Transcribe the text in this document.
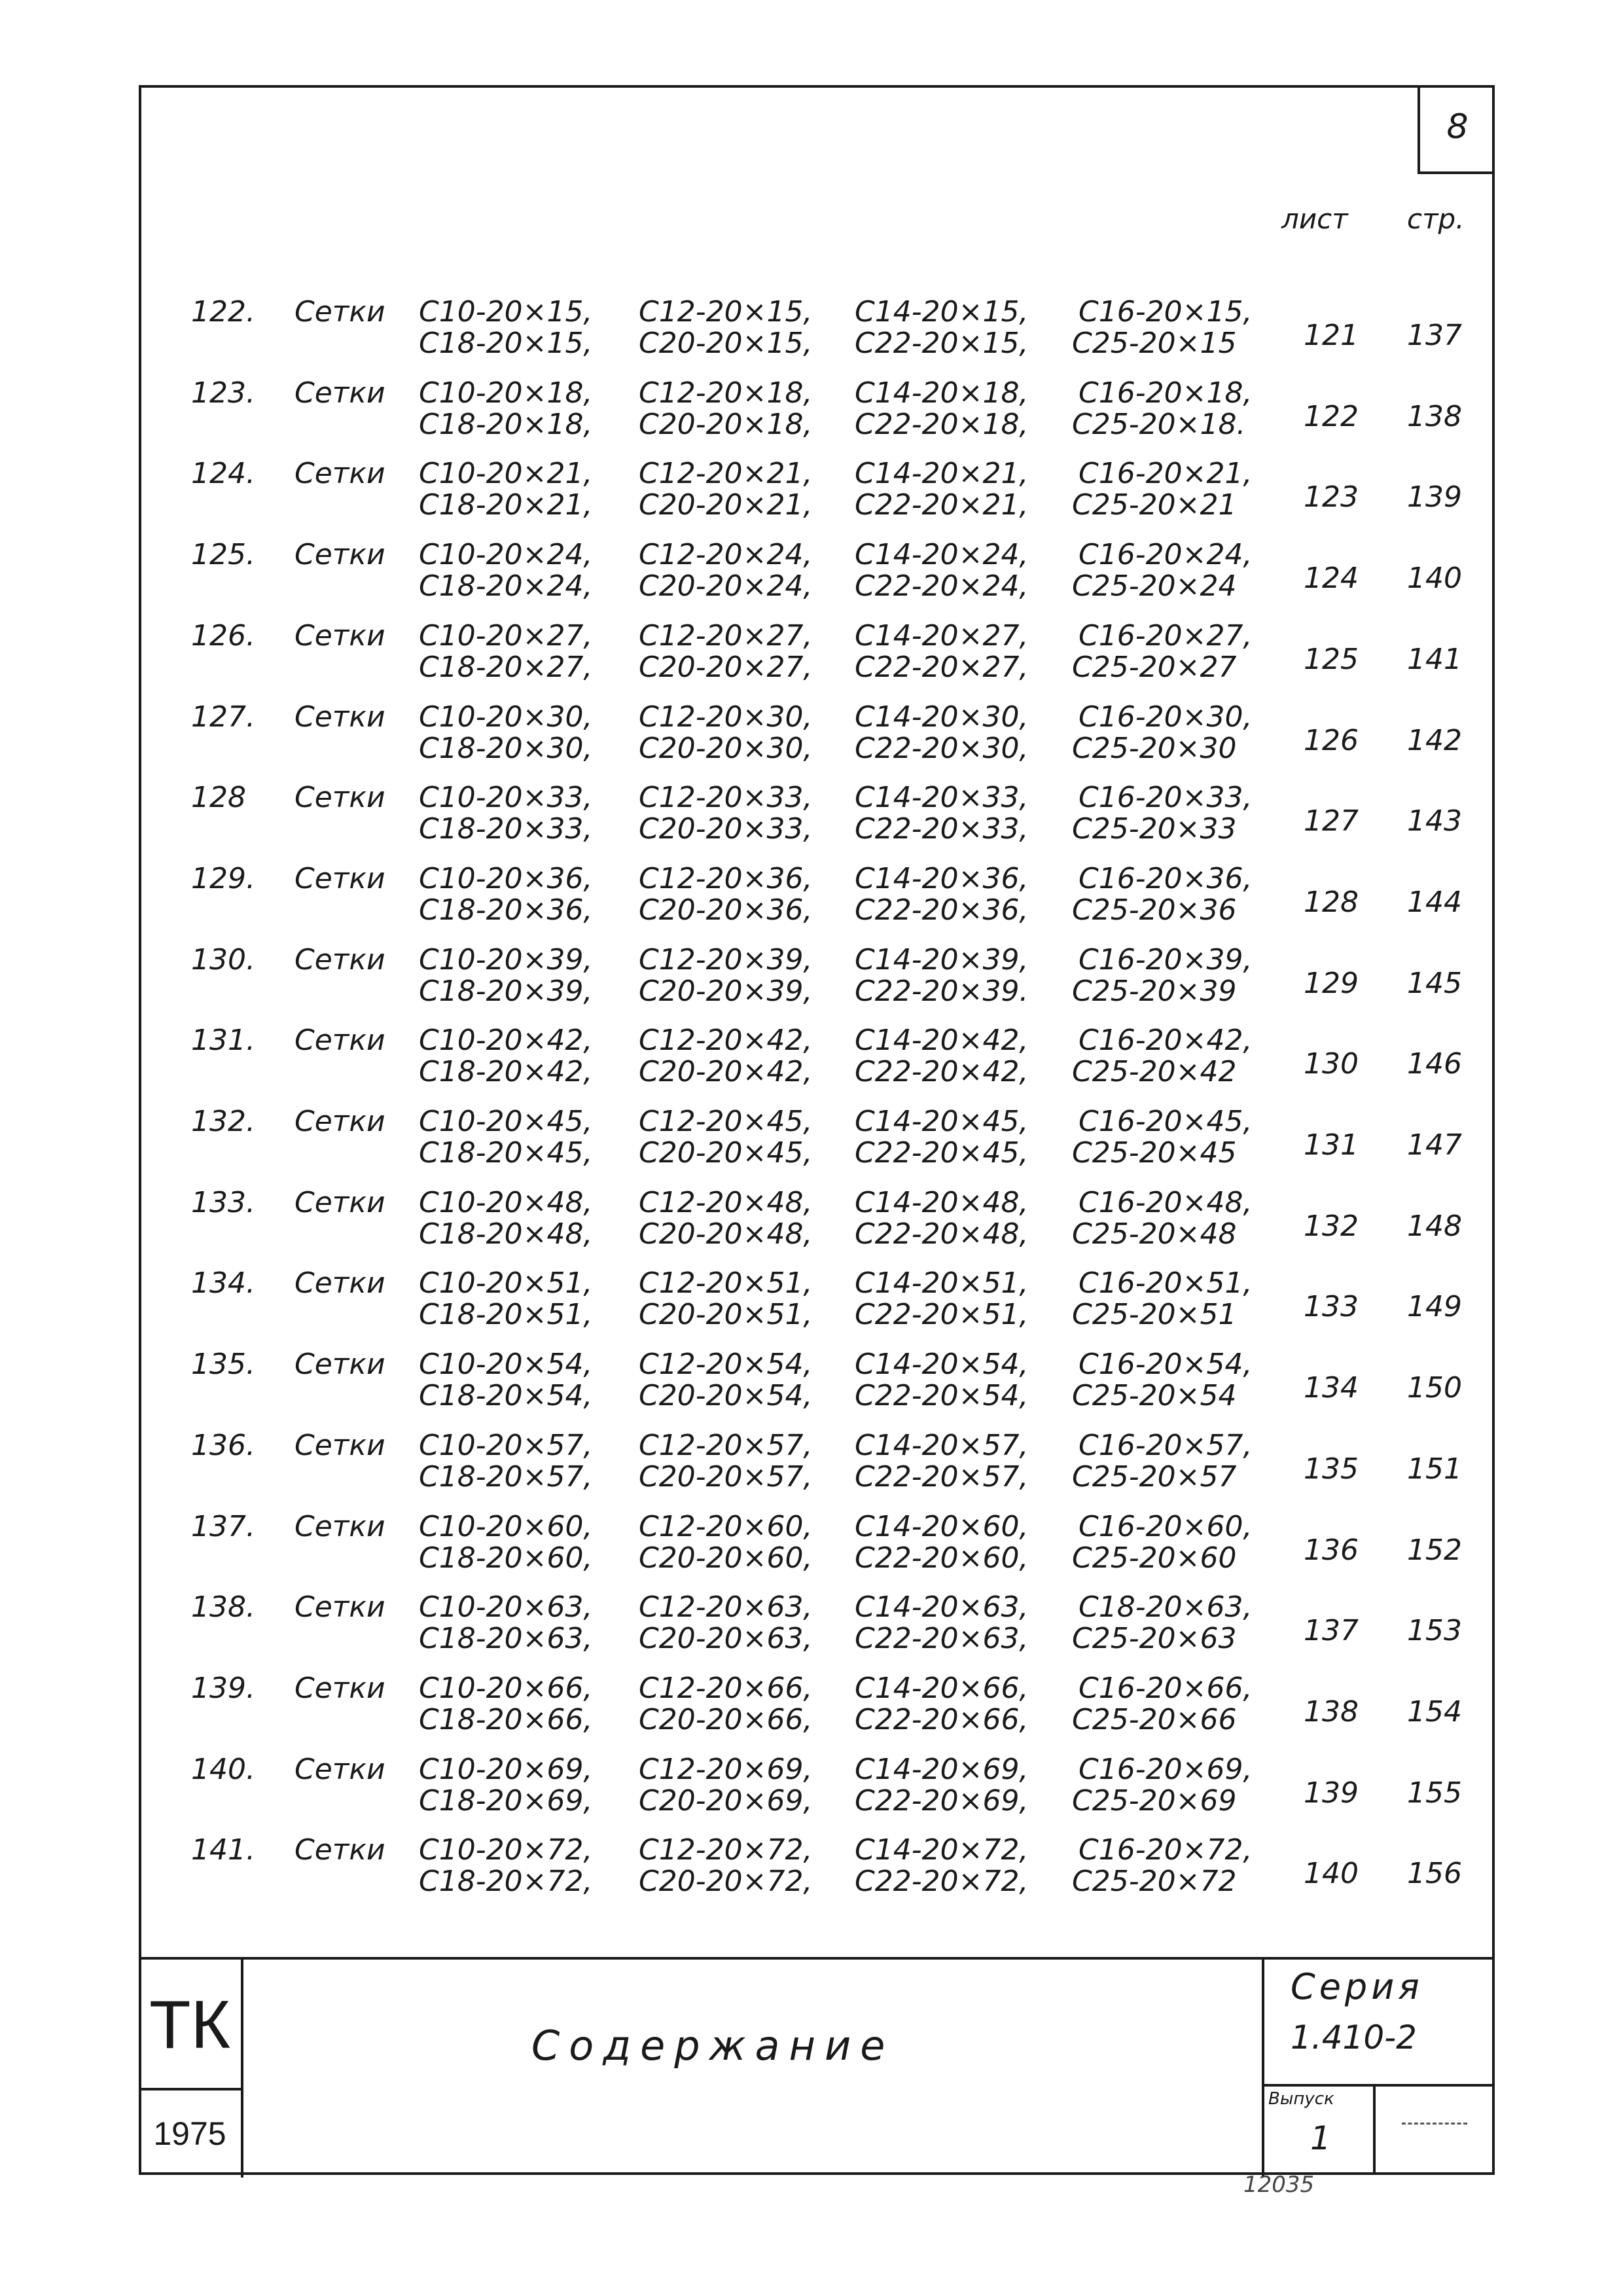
8
лист стр.
122. Сетки С10-20×15,
С18-20×15,
С12-20×15,
С20-20×15,
С14-20×15,
С22-20×15,
С16-20×15,
С25-20×15 121 137
123. Сетки С10-20×18,
С18-20×18,
С12-20×18,
С20-20×18,
С14-20×18,
С22-20×18,
С16-20×18,
С25-20×18. 122 138
124. Сетки С10-20×21,
С18-20×21,
С12-20×21,
С20-20×21,
С14-20×21,
С22-20×21,
С16-20×21,
С25-20×21 123 139
125. Сетки С10-20×24,
С18-20×24,
С12-20×24,
С20-20×24,
С14-20×24,
С22-20×24,
С16-20×24,
С25-20×24 124 140
126. Сетки С10-20×27,
С18-20×27,
С12-20×27,
С20-20×27,
С14-20×27,
С22-20×27,
С16-20×27,
С25-20×27 125 141
127. Сетки С10-20×30,
С18-20×30,
С12-20×30,
С20-20×30,
С14-20×30,
С22-20×30,
С16-20×30,
С25-20×30 126 142
128 Сетки С10-20×33,
С18-20×33,
С12-20×33,
С20-20×33,
С14-20×33,
С22-20×33,
С16-20×33,
С25-20×33 127 143
129. Сетки С10-20×36,
С18-20×36,
С12-20×36,
С20-20×36,
С14-20×36,
С22-20×36,
С16-20×36,
С25-20×36 128 144
130. Сетки С10-20×39,
С18-20×39,
С12-20×39,
С20-20×39,
С14-20×39,
С22-20×39.
С16-20×39,
С25-20×39 129 145
131. Сетки С10-20×42,
С18-20×42,
С12-20×42,
С20-20×42,
С14-20×42,
С22-20×42,
С16-20×42,
С25-20×42 130 146
132. Сетки С10-20×45,
С18-20×45,
С12-20×45,
С20-20×45,
С14-20×45,
С22-20×45,
С16-20×45,
С25-20×45 131 147
133. Сетки С10-20×48,
С18-20×48,
С12-20×48,
С20-20×48,
С14-20×48,
С22-20×48,
С16-20×48,
С25-20×48 132 148
134. Сетки С10-20×51,
С18-20×51,
С12-20×51,
С20-20×51,
С14-20×51,
С22-20×51,
С16-20×51,
С25-20×51 133 149
135. Сетки С10-20×54,
С18-20×54,
С12-20×54,
С20-20×54,
С14-20×54,
С22-20×54,
С16-20×54,
С25-20×54 134 150
136. Сетки С10-20×57,
С18-20×57,
С12-20×57,
С20-20×57,
С14-20×57,
С22-20×57,
С16-20×57,
С25-20×57 135 151
137. Сетки С10-20×60,
С18-20×60,
С12-20×60,
С20-20×60,
С14-20×60,
С22-20×60,
С16-20×60,
С25-20×60 136 152
138. Сетки С10-20×63,
С18-20×63,
С12-20×63,
С20-20×63,
С14-20×63,
С22-20×63,
С18-20×63,
С25-20×63 137 153
139. Сетки С10-20×66,
С18-20×66,
С12-20×66,
С20-20×66,
С14-20×66,
С22-20×66,
С16-20×66,
С25-20×66 138 154
140. Сетки С10-20×69,
С18-20×69,
С12-20×69,
С20-20×69,
С14-20×69,
С22-20×69,
С16-20×69,
С25-20×69 139 155
141. Сетки С10-20×72,
С18-20×72,
С12-20×72,
С20-20×72,
С14-20×72,
С22-20×72,
С16-20×72,
С25-20×72 140 156
ТК
1975
Содержание
Серия
1.410-2
Выпуск
1
12035
